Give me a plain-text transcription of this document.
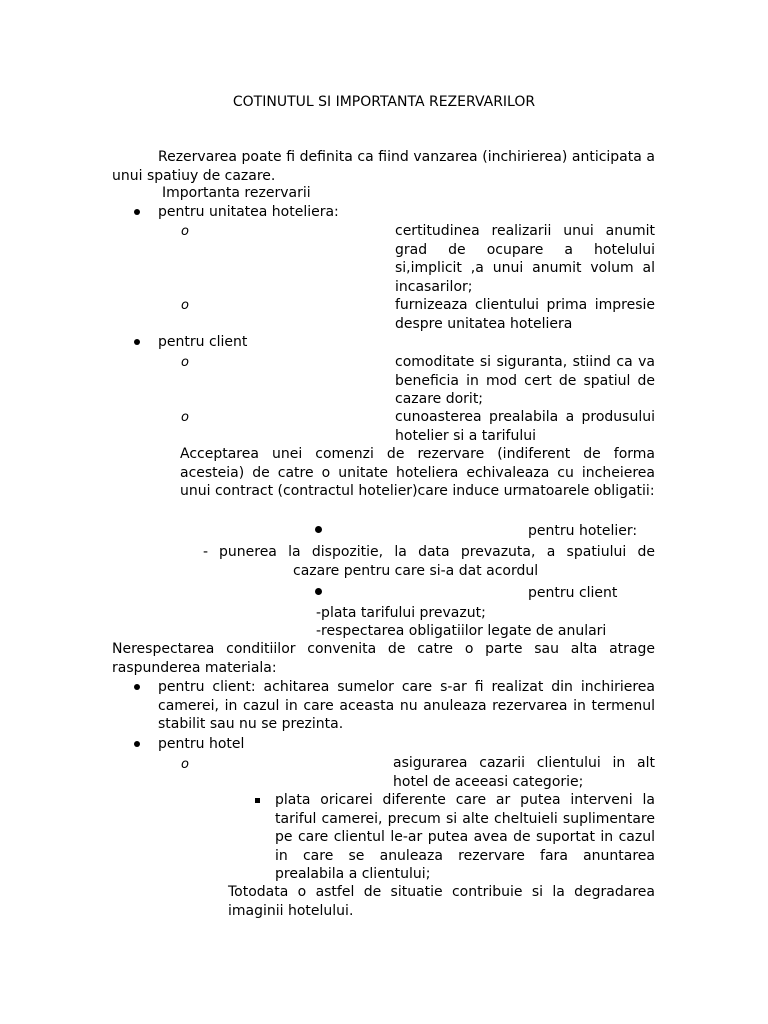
COTINUTUL SI IMPORTANTA REZERVARILOR
Rezervarea poate fi definita ca fiind vanzarea (inchirierea) anticipata a unui spatiuy de cazare.
Importanta rezervarii
pentru unitatea hoteliera:
o	certitudinea realizarii unui anumit grad de ocupare a hotelului si,implicit ,a unui anumit volum al incasarilor;
o	furnizeaza clientului prima impresie despre unitatea hoteliera
pentru client
o	comoditate si siguranta, stiind ca va beneficia in mod cert de spatiul de cazare dorit;
o	cunoasterea prealabila a produsului hotelier si a tarifului
Acceptarea unei comenzi de rezervare (indiferent de forma acesteia) de catre o unitate hoteliera echivaleaza cu incheierea unui contract (contractul hotelier)care induce urmatoarele obligatii:
pentru hotelier:
- punerea la dispozitie, la data prevazuta, a spatiului de
cazare pentru care si-a dat acordul
pentru client
-plata tarifului prevazut;
-respectarea obligatiilor legate de anulari
Nerespectarea conditiilor convenita de catre o parte sau alta atrage raspunderea materiala:
pentru client: achitarea sumelor care s-ar fi realizat din inchirierea camerei, in cazul in care aceasta nu anuleaza rezervarea in termenul stabilit sau nu se prezinta.
pentru hotel
o	asigurarea cazarii clientului in alt hotel de aceeasi categorie;
plata oricarei diferente care ar putea interveni la tariful camerei, precum si alte cheltuieli suplimentare pe care clientul le-ar putea avea de suportat in cazul in care se anuleaza rezervare fara anuntarea prealabila a clientului;
Totodata o astfel de situatie contribuie si la degradarea imaginii hotelului.
